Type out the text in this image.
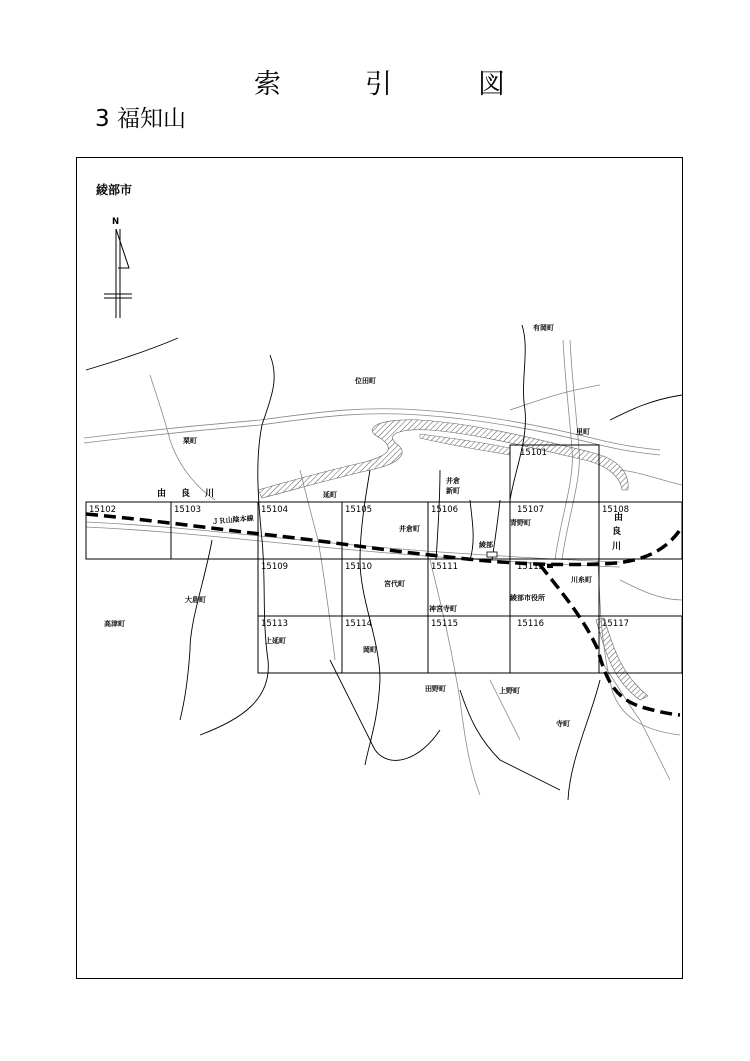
索	引	図
3 福知山
綾部市
N
15101
15102	15103	15104	15105	15106	15107	15108
15109	15110	15111	15112
15113	15114	15115	15116	15117
有岡町
位田町
里町
栗町
延町
井倉
新町
井倉町
青野町
綾部
宮代町	川糸町
神宮寺町
綾部市役所
大島町
高津町
上延町
岡町
田野町	上野町
寺町
由 良 川
由
良
川
ＪＲ山陰本線
